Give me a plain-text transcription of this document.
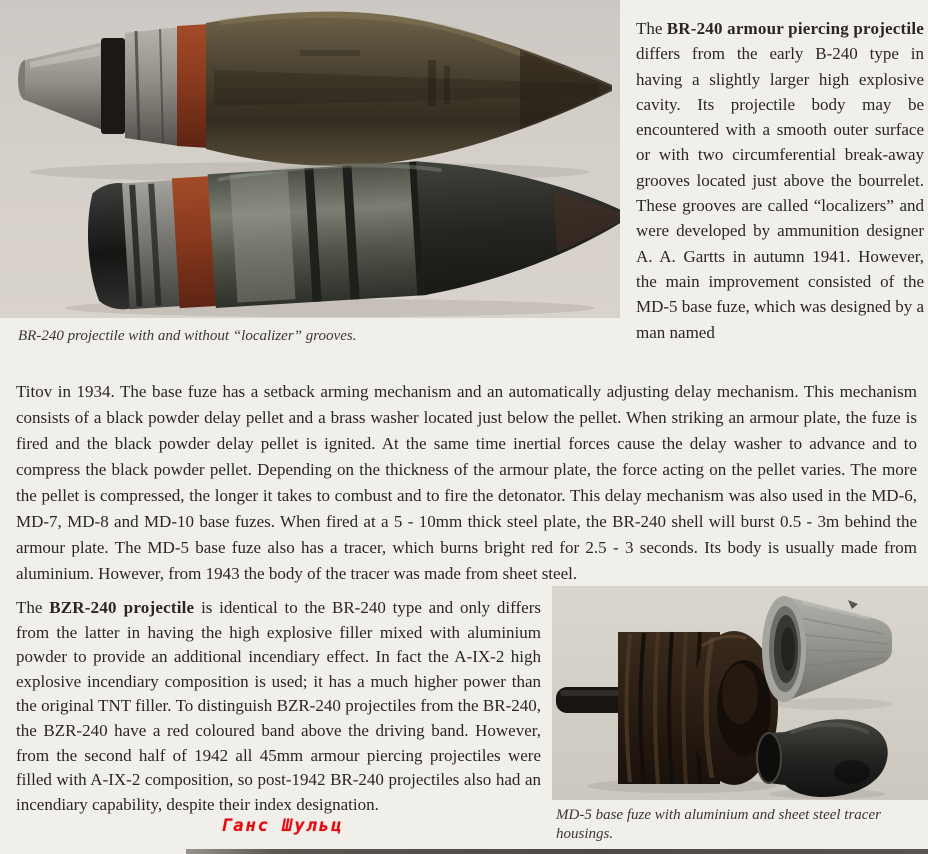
BR-240 projectile with and without “localizer” grooves.

The BR-240 armour piercing projectile differs from the early B-240 type in having a slightly larger high explosive cavity. Its projectile body may be encountered with a smooth outer surface or with two circumferential break-away grooves located just above the bourrelet. These grooves are called “localizers” and were developed by ammunition designer A. A. Gartts in autumn 1941. However, the main improvement consisted of the MD-5 base fuze, which was designed by a man named
Titov in 1934. The base fuze has a setback arming mechanism and an automatically adjusting delay mechanism. This mechanism consists of a black powder delay pellet and a brass washer located just below the pellet. When striking an armour plate, the fuze is fired and the black powder delay pellet is ignited. At the same time inertial forces cause the delay washer to advance and to compress the black powder pellet. Depending on the thickness of the armour plate, the force acting on the pellet varies. The more the pellet is compressed, the longer it takes to combust and to fire the detonator. This delay mechanism was also used in the MD-6, MD-7, MD-8 and MD-10 base fuzes. When fired at a 5 - 10mm thick steel plate, the BR-240 shell will burst 0.5 - 3m behind the armour plate. The MD-5 base fuze also has a tracer, which burns bright red for 2.5 - 3 seconds. Its body is usually made from aluminium. However, from 1943 the body of the tracer was made from sheet steel.
The BZR-240 projectile is identical to the BR-240 type and only differs from the latter in having the high explosive filler mixed with aluminium powder to provide an additional incendiary effect. In fact the A-IX-2 high explosive incendiary composition is used; it has a much higher power than the original TNT filler. To distinguish BZR-240 projectiles from the BR-240, the BZR-240 have a red coloured band above the driving band. However, from the second half of 1942 all 45mm armour piercing projectiles were filled with A-IX-2 composition, so post-1942 BR-240 projectiles also had an incendiary capability, despite their index designation.

MD-5 base fuze with aluminium and sheet steel tracer housings.

Ганс Шульц
